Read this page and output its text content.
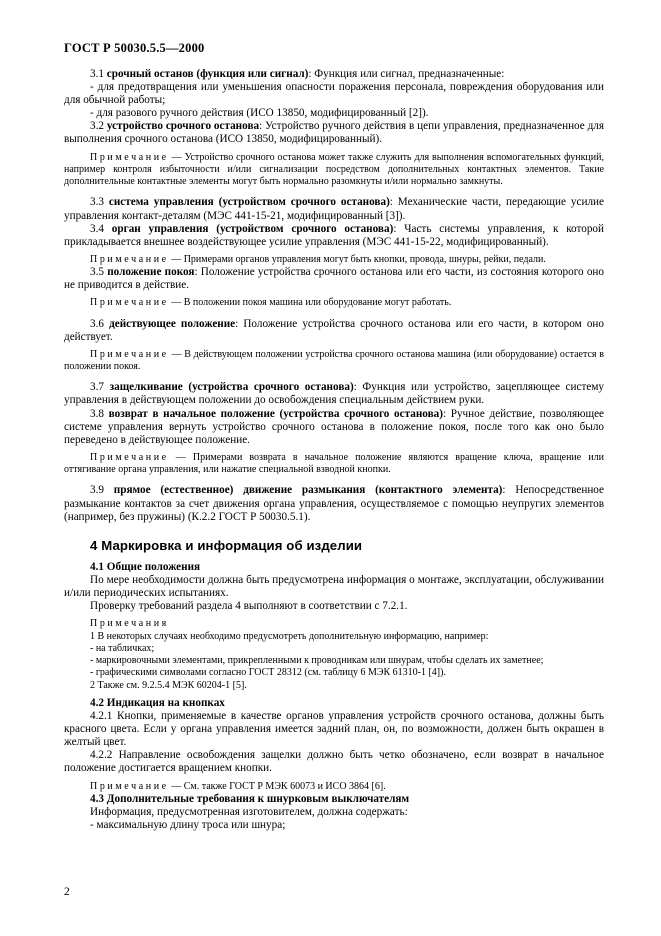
ГОСТ Р 50030.5.5—2000

3.1 срочный останов (функция или сигнал): Функция или сигнал, предназначенные:

- для предотвращения или уменьшения опасности поражения персонала, повреждения оборудования или для обычной работы;

- для разового ручного действия (ИСО 13850, модифицированный [2]).

3.2 устройство срочного останова: Устройство ручного действия в цепи управления, предназначенное для выполнения срочного останова (ИСО 13850, модифицированный).

Примечание — Устройство срочного останова может также служить для выполнения вспомогательных функций, например контроля избыточности и/или сигнализации посредством дополнительных контактных элементов. Такие дополнительные контактные элементы могут быть нормально разомкнуты и/или нормально замкнуты.

3.3 система управления (устройством срочного останова): Механические части, передающие усилие управления контакт-деталям (МЭС 441-15-21, модифицированный [3]).

3.4 орган управления (устройством срочного останова): Часть системы управления, к которой прикладывается внешнее воздействующее усилие управления (МЭС 441-15-22, модифицированный).

Примечание — Примерами органов управления могут быть кнопки, провода, шнуры, рейки, педали.

3.5 положение покоя: Положение устройства срочного останова или его части, из состояния которого оно не приводится в действие.

Примечание — В положении покоя машина или оборудование могут работать.

3.6 действующее положение: Положение устройства срочного останова или его части, в котором оно действует.

Примечание — В действующем положении устройства срочного останова машина (или оборудование) остается в положении покоя.

3.7 защелкивание (устройства срочного останова): Функция или устройство, зацепляющее систему управления в действующем положении до освобождения специальным действием руки.

3.8 возврат в начальное положение (устройства срочного останова): Ручное действие, позволяющее системе управления вернуть устройство срочного останова в положение покоя, после того как оно было переведено в действующее положение.

Примечание — Примерами возврата в начальное положение являются вращение ключа, вращение или оттягивание органа управления, или нажатие специальной взводной кнопки.

3.9 прямое (естественное) движение размыкания (контактного элемента): Непосредственное размыкание контактов за счет движения органа управления, осуществляемое с помощью неупругих элементов (например, без пружины) (К.2.2 ГОСТ Р 50030.5.1).

4 Маркировка и информация об изделии

4.1 Общие положения

По мере необходимости должна быть предусмотрена информация о монтаже, эксплуатации, обслуживании и/или периодических испытаниях.

Проверку требований раздела 4 выполняют в соответствии с 7.2.1.

Примечания

1 В некоторых случаях необходимо предусмотреть дополнительную информацию, например:

- на табличках;

- маркировочными элементами, прикрепленными к проводникам или шнурам, чтобы сделать их заметнее;

- графическими символами согласно ГОСТ 28312 (см. таблицу 6 МЭК 61310-1 [4]).

2 Также см. 9.2.5.4 МЭК 60204-1 [5].

4.2 Индикация на кнопках

4.2.1 Кнопки, применяемые в качестве органов управления устройств срочного останова, должны быть красного цвета. Если у органа управления имеется задний план, он, по возможности, должен быть окрашен в желтый цвет.

4.2.2 Направление освобождения защелки должно быть четко обозначено, если возврат в начальное положение достигается вращением кнопки.

Примечание — См. также ГОСТ Р МЭК 60073 и ИСО 3864 [6].

4.3 Дополнительные требования к шнурковым выключателям

Информация, предусмотренная изготовителем, должна содержать:

- максимальную длину троса или шнура;

2
